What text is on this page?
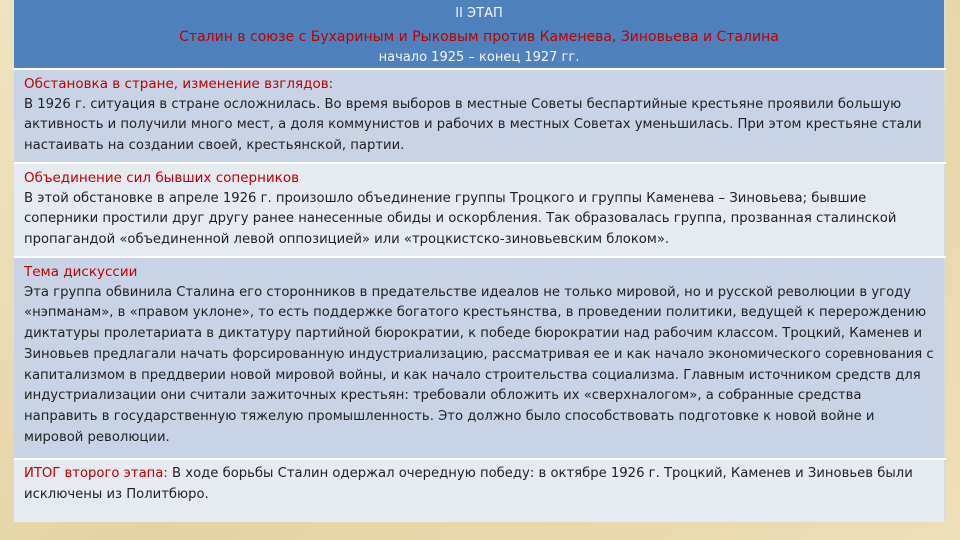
II ЭТАП
Сталин в союзе с Бухариным и Рыковым против Каменева, Зиновьева и Сталина
начало 1925 – конец 1927 гг.
Обстановка в стране, изменение взглядов:

В 1926 г. ситуация в стране осложнилась. Во время выборов в местные Советы беспартийные крестьяне проявили большую активность и получили много мест, а доля коммунистов и рабочих в местных Советах уменьшилась. При этом крестьяне стали настаивать на создании своей, крестьянской, партии.

Объединение сил бывших соперников

В этой обстановке в апреле 1926 г. произошло объединение группы Троцкого и группы Каменева – Зиновьева; бывшие соперники простили друг другу ранее нанесенные обиды и оскорбления. Так образовалась группа, прозванная сталинской пропагандой «объединенной левой оппозицией» или «троцкистско-зиновьевским блоком».

Тема дискуссии

Эта группа обвинила Сталина его сторонников в предательстве идеалов не только мировой, но и русской революции в угоду «нэпманам», в «правом уклоне», то есть поддержке богатого крестьянства, в проведении политики, ведущей к перерождению диктатуры пролетариата в диктатуру партийной бюрократии, к победе бюрократии над рабочим классом. Троцкий, Каменев и Зиновьев предлагали начать форсированную индустриализацию, рассматривая ее и как начало экономического соревнования с капитализмом в преддверии новой мировой войны, и как начало строительства социализма. Главным источником средств для индустриализации они считали зажиточных крестьян: требовали обложить их «сверхналогом», а собранные средства направить в государственную тяжелую промышленность. Это должно было способствовать подготовке к новой войне и мировой революции.

ИТОГ второго этапа: В ходе борьбы Сталин одержал очередную победу: в октябре 1926 г. Троцкий, Каменев и Зиновьев были исключены из Политбюро.
